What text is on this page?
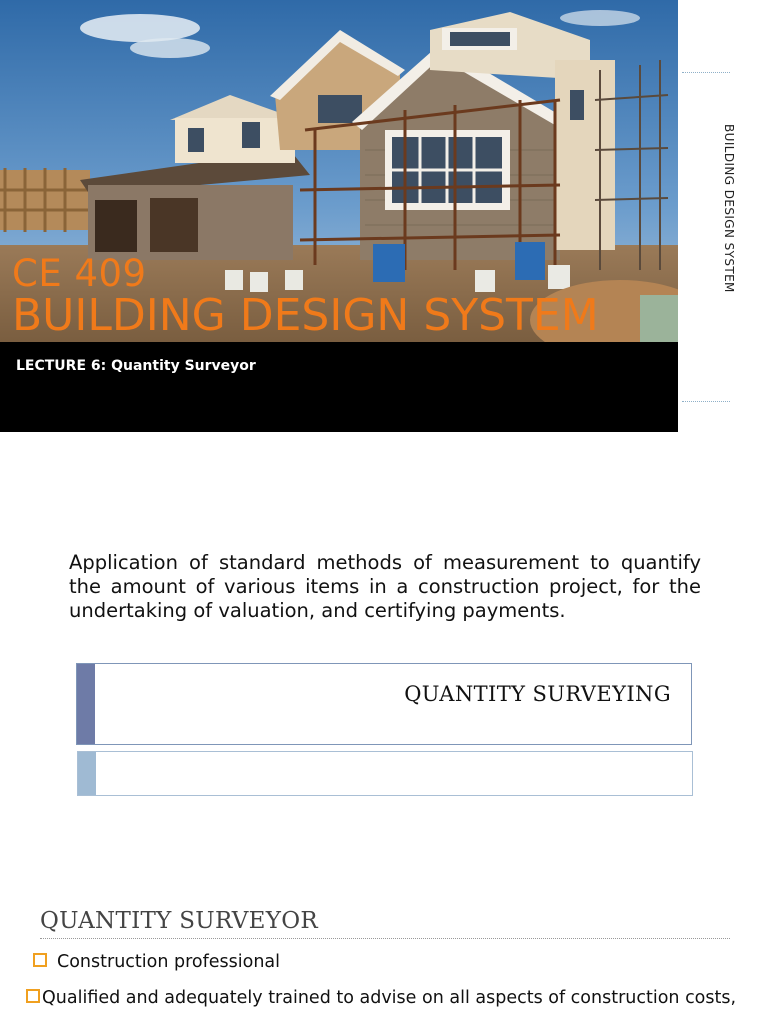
CE 409
BUILDING DESIGN SYSTEM
LECTURE 6: Quantity Surveyor
BUILDING DESIGN SYSTEM
Application of standard methods of measurement to quantify the amount of various items in a construction project, for the undertaking of valuation, and certifying payments.
QUANTITY SURVEYING
QUANTITY SURVEYOR
Construction professional
Qualified and adequately trained to advise on all aspects of construction costs,
